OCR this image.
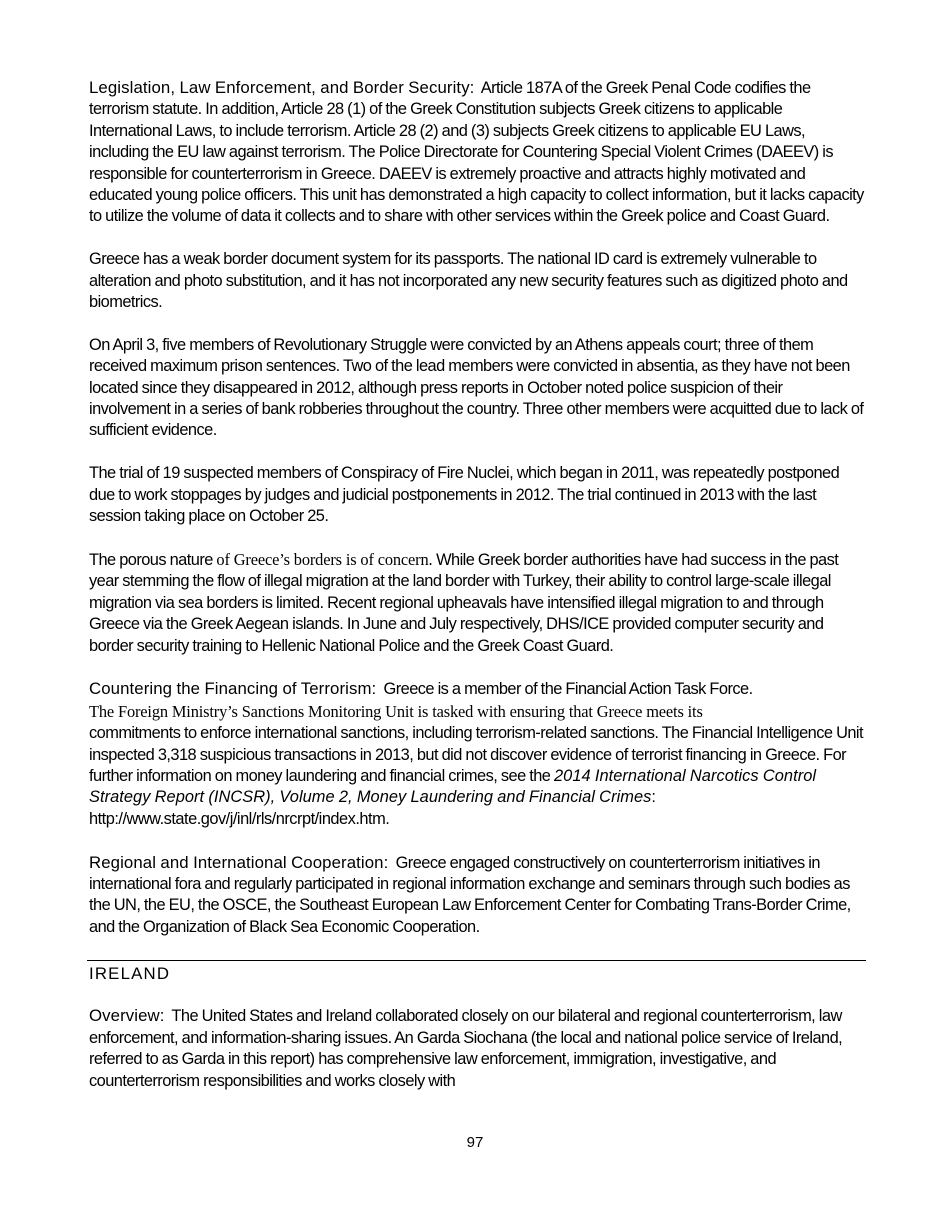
Legislation, Law Enforcement, and Border Security: Article 187A of the Greek Penal Code codifies the terrorism statute. In addition, Article 28 (1) of the Greek Constitution subjects Greek citizens to applicable International Laws, to include terrorism. Article 28 (2) and (3) subjects Greek citizens to applicable EU Laws, including the EU law against terrorism. The Police Directorate for Countering Special Violent Crimes (DAEEV) is responsible for counterterrorism in Greece. DAEEV is extremely proactive and attracts highly motivated and educated young police officers. This unit has demonstrated a high capacity to collect information, but it lacks capacity to utilize the volume of data it collects and to share with other services within the Greek police and Coast Guard.

Greece has a weak border document system for its passports. The national ID card is extremely vulnerable to alteration and photo substitution, and it has not incorporated any new security features such as digitized photo and biometrics.

On April 3, five members of Revolutionary Struggle were convicted by an Athens appeals court; three of them received maximum prison sentences. Two of the lead members were convicted in absentia, as they have not been located since they disappeared in 2012, although press reports in October noted police suspicion of their involvement in a series of bank robberies throughout the country. Three other members were acquitted due to lack of sufficient evidence.

The trial of 19 suspected members of Conspiracy of Fire Nuclei, which began in 2011, was repeatedly postponed due to work stoppages by judges and judicial postponements in 2012. The trial continued in 2013 with the last session taking place on October 25.

The porous nature of Greece’s borders is of concern. While Greek border authorities have had success in the past year stemming the flow of illegal migration at the land border with Turkey, their ability to control large-scale illegal migration via sea borders is limited. Recent regional upheavals have intensified illegal migration to and through Greece via the Greek Aegean islands. In June and July respectively, DHS/ICE provided computer security and border security training to Hellenic National Police and the Greek Coast Guard.

Countering the Financing of Terrorism: Greece is a member of the Financial Action Task Force.
The Foreign Ministry’s Sanctions Monitoring Unit is tasked with ensuring that Greece meets its
commitments to enforce international sanctions, including terrorism-related sanctions. The Financial Intelligence Unit inspected 3,318 suspicious transactions in 2013, but did not discover evidence of terrorist financing in Greece. For further information on money laundering and financial crimes, see the 2014 International Narcotics Control Strategy Report (INCSR), Volume 2, Money Laundering and Financial Crimes: http://www.state.gov/j/inl/rls/nrcrpt/index.htm.

Regional and International Cooperation: Greece engaged constructively on counterterrorism initiatives in international fora and regularly participated in regional information exchange and seminars through such bodies as the UN, the EU, the OSCE, the Southeast European Law Enforcement Center for Combating Trans-Border Crime, and the Organization of Black Sea Economic Cooperation.

IRELAND

Overview: The United States and Ireland collaborated closely on our bilateral and regional counterterrorism, law enforcement, and information-sharing issues. An Garda Siochana (the local and national police service of Ireland, referred to as Garda in this report) has comprehensive law enforcement, immigration, investigative, and counterterrorism responsibilities and works closely with

97
